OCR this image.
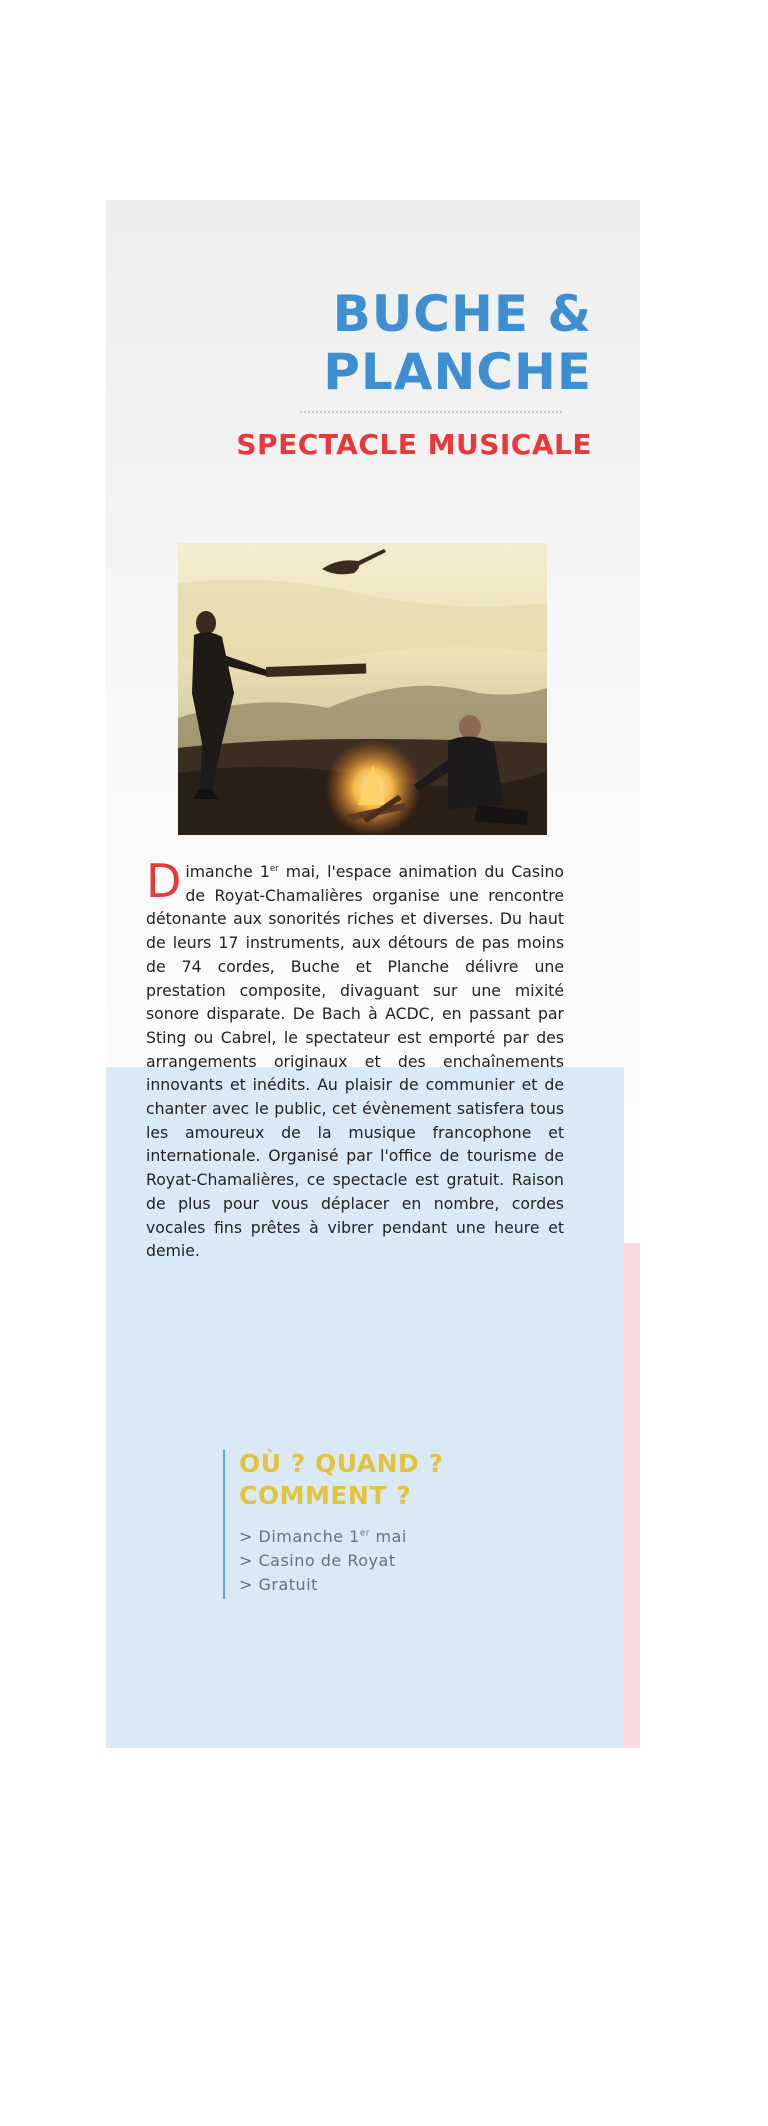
BUCHE &
PLANCHE
SPECTACLE MUSICALE

Dimanche 1er mai, l'espace animation du Casino de Royat-Chamalières organise une rencontre détonante aux sonorités riches et diverses. Du haut de leurs 17 instruments, aux détours de pas moins de 74 cordes, Buche et Planche délivre une prestation composite, divaguant sur une mixité sonore disparate. De Bach à ACDC, en passant par Sting ou Cabrel, le spectateur est emporté par des arrangements originaux et des enchaînements innovants et inédits. Au plaisir de communier et de chanter avec le public, cet évènement satisfera tous les amoureux de la musique francophone et internationale. Organisé par l'office de tourisme de Royat-Chamalières, ce spectacle est gratuit. Raison de plus pour vous déplacer en nombre, cordes vocales fins prêtes à vibrer pendant une heure et demie.

OÙ ? QUAND ?
COMMENT ?
> Dimanche 1er mai
> Casino de Royat
> Gratuit
